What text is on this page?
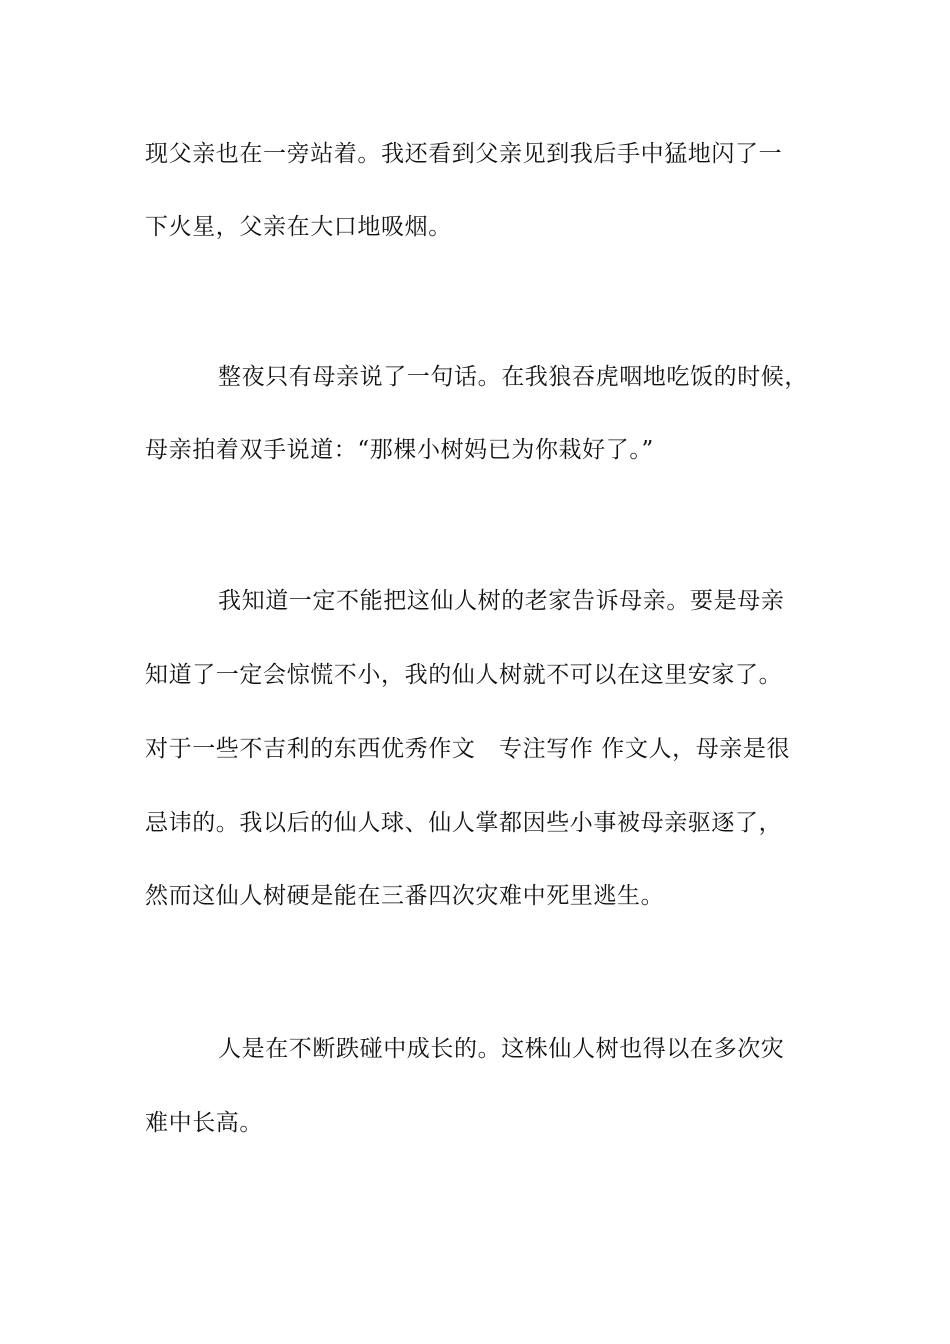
现父亲也在一旁站着。我还看到父亲见到我后手中猛地闪了一
下火星，父亲在大口地吸烟。
整夜只有母亲说了一句话。在我狼吞虎咽地吃饭的时候，
母亲拍着双手说道：“那棵小树妈已为你栽好了。”
我知道一定不能把这仙人树的老家告诉母亲。要是母亲
知道了一定会惊慌不小，我的仙人树就不可以在这里安家了。
对于一些不吉利的东西优秀作文　专注写作 作文人，母亲是很
忌讳的。我以后的仙人球、仙人掌都因些小事被母亲驱逐了，
然而这仙人树硬是能在三番四次灾难中死里逃生。
人是在不断跌碰中成长的。这株仙人树也得以在多次灾
难中长高。
